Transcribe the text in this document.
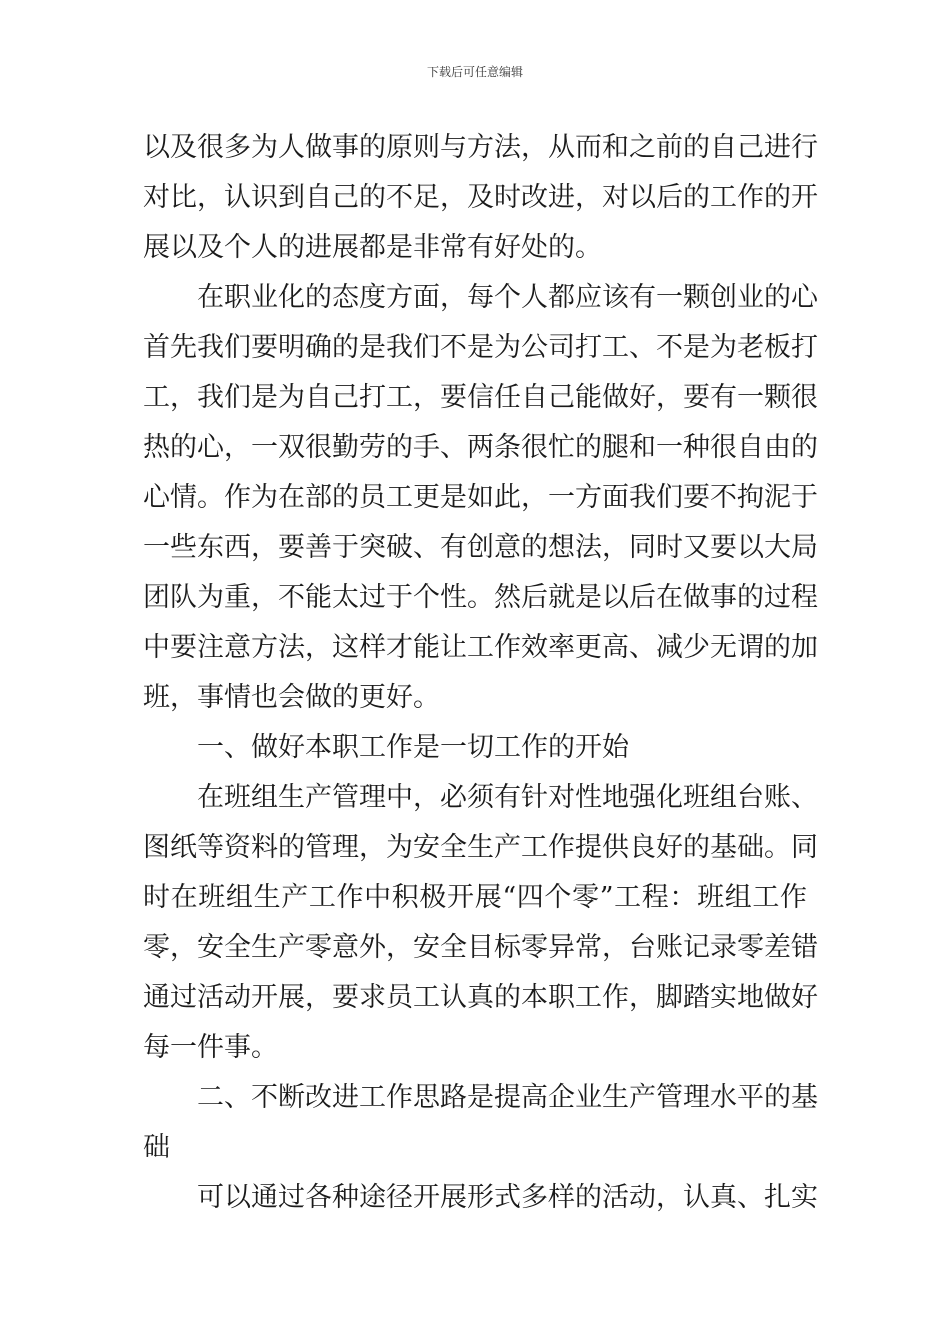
下载后可任意编辑
以及很多为人做事的原则与方法，从而和之前的自己进行
对比，认识到自己的不足，及时改进，对以后的工作的开
展以及个人的进展都是非常有好处的。
在职业化的态度方面，每个人都应该有一颗创业的心
首先我们要明确的是我们不是为公司打工、不是为老板打
工，我们是为自己打工，要信任自己能做好，要有一颗很
热的心，一双很勤劳的手、两条很忙的腿和一种很自由的
心情。作为在部的员工更是如此，一方面我们要不拘泥于
一些东西，要善于突破、有创意的想法，同时又要以大局
团队为重，不能太过于个性。然后就是以后在做事的过程
中要注意方法，这样才能让工作效率更高、减少无谓的加
班，事情也会做的更好。
一、做好本职工作是一切工作的开始
在班组生产管理中，必须有针对性地强化班组台账、
图纸等资料的管理，为安全生产工作提供良好的基础。同
时在班组生产工作中积极开展“四个零”工程：班组工作
零，安全生产零意外，安全目标零异常，台账记录零差错
通过活动开展，要求员工认真的本职工作，脚踏实地做好
每一件事。
二、不断改进工作思路是提高企业生产管理水平的基
础
可以通过各种途径开展形式多样的活动，认真、扎实
